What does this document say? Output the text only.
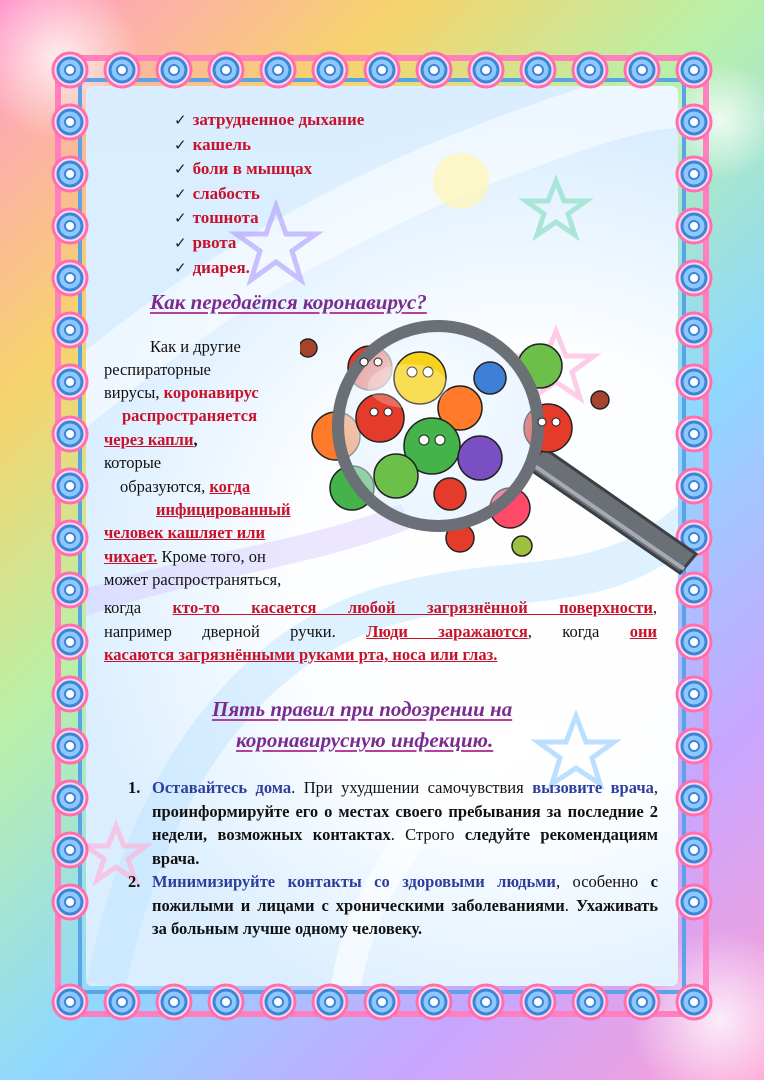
✓ затрудненное дыхание
✓ кашель
✓ боли в мышцах
✓ слабость
✓ тошнота
✓ рвота
✓ диарея.
Как передаётся коронавирус?
Как и другие
респираторные
вирусы, коронавирус
распространяется
через капли,
которые
образуются, когда
инфицированный
человек кашляет или
чихает. Кроме того, он
может распространяться,
когда кто-то касается любой загрязнённой поверхности,
например дверной ручки. Люди заражаются, когда они
касаются загрязнёнными руками рта, носа или глаз.
Пять правил при подозрении на
коронавирусную инфекцию.
1. Оставайтесь дома. При ухудшении самочувствия вызовите врача, проинформируйте его о местах своего пребывания за последние 2 недели, возможных контактах. Строго следуйте рекомендациям врача.
2. Минимизируйте контакты со здоровыми людьми, особенно с пожилыми и лицами с хроническими заболеваниями. Ухаживать за больным лучше одному человеку.
